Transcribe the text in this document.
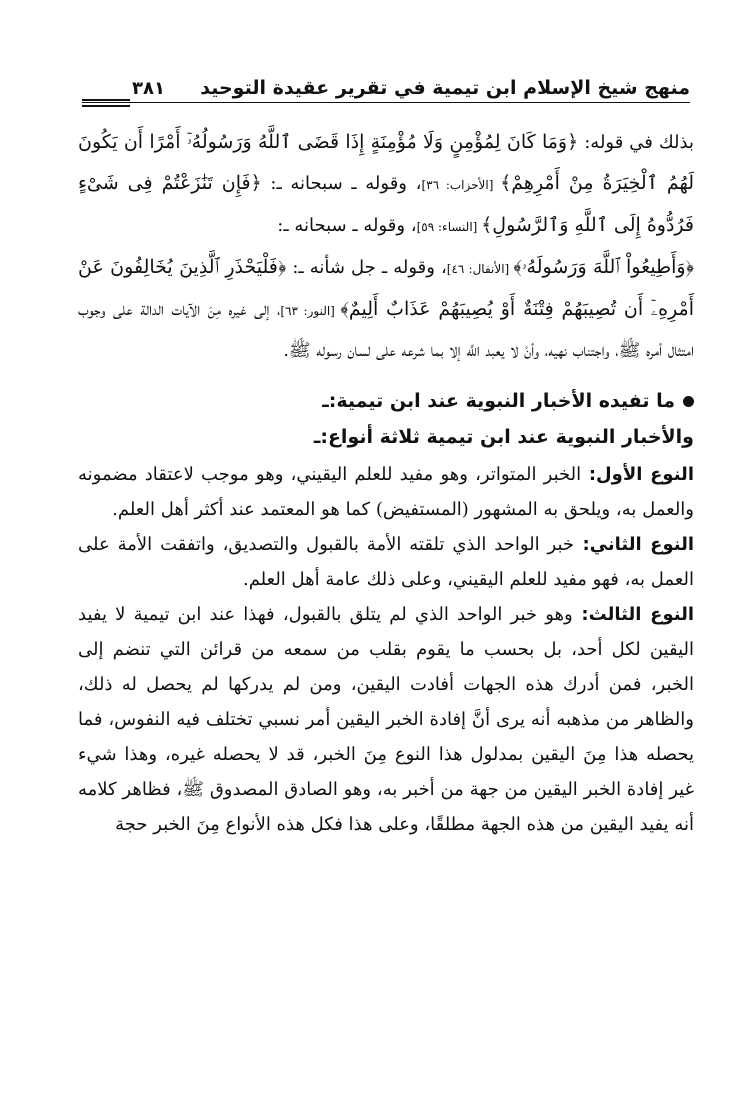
منهج شيخ الإسلام ابن تيمية في تقرير عقيدة التوحيد
٣٨١

بذلك في قوله: ﴿وَمَا كَانَ لِمُؤْمِنٍ وَلَا مُؤْمِنَةٍ إِذَا قَضَى ٱللَّهُ وَرَسُولُهُۥٓ أَمْرًا أَن يَكُونَ لَهُمُ ٱلْخِيَرَةُ مِنْ أَمْرِهِمْ﴾ [الأحزاب: ٣٦]، وقوله ـ سبحانه ـ: ﴿فَإِن تَنَٰزَعْتُمْ فِى شَىْءٍ فَرُدُّوهُ إِلَى ٱللَّهِ وَٱلرَّسُولِ﴾ [النساء: ٥٩]، وقوله ـ سبحانه ـ:

﴿وَأَطِيعُواْ ٱللَّهَ وَرَسُولَهُۥ﴾ [الأنفال: ٤٦]، وقوله ـ جل شأنه ـ: ﴿فَلْيَحْذَرِ ٱلَّذِينَ يُخَالِفُونَ عَنْ أَمْرِهِۦٓ أَن تُصِيبَهُمْ فِتْنَةٌ أَوْ يُصِيبَهُمْ عَذَابٌ أَلِيمٌ﴾ [النور: ٦٣]، إلى غيره مِنَ الآيات الدالة على وجوب امتثال أمره ﷺ، واجتناب نهيه، وأنْ لا يعبد اللَّه إلا بما شرعه على لسان رسوله ﷺ.

ما تفيده الأخبار النبوية عند ابن تيمية:ـ
والأخبار النبوية عند ابن تيمية ثلاثة أنواع:ـ

النوع الأول: الخبر المتواتر، وهو مفيد للعلم اليقيني، وهو موجب لاعتقاد مضمونه والعمل به، ويلحق به المشهور (المستفيض) كما هو المعتمد عند أكثر أهل العلم.

النوع الثاني: خبر الواحد الذي تلقته الأمة بالقبول والتصديق، واتفقت الأمة على العمل به، فهو مفيد للعلم اليقيني، وعلى ذلك عامة أهل العلم.

النوع الثالث: وهو خبر الواحد الذي لم يتلق بالقبول، فهذا عند ابن تيمية لا يفيد اليقين لكل أحد، بل بحسب ما يقوم بقلب من سمعه من قرائن التي تنضم إلى الخبر، فمن أدرك هذه الجهات أفادت اليقين، ومن لم يدركها لم يحصل له ذلك، والظاهر من مذهبه أنه يرى أنَّ إفادة الخبر اليقين أمر نسبي تختلف فيه النفوس، فما يحصله هذا مِنَ اليقين بمدلول هذا النوع مِنَ الخبر، قد لا يحصله غيره، وهذا شيء غير إفادة الخبر اليقين من جهة من أخبر به، وهو الصادق المصدوق ﷺ، فظاهر كلامه أنه يفيد اليقين من هذه الجهة مطلقًا، وعلى هذا فكل هذه الأنواع مِنَ الخبر حجة
